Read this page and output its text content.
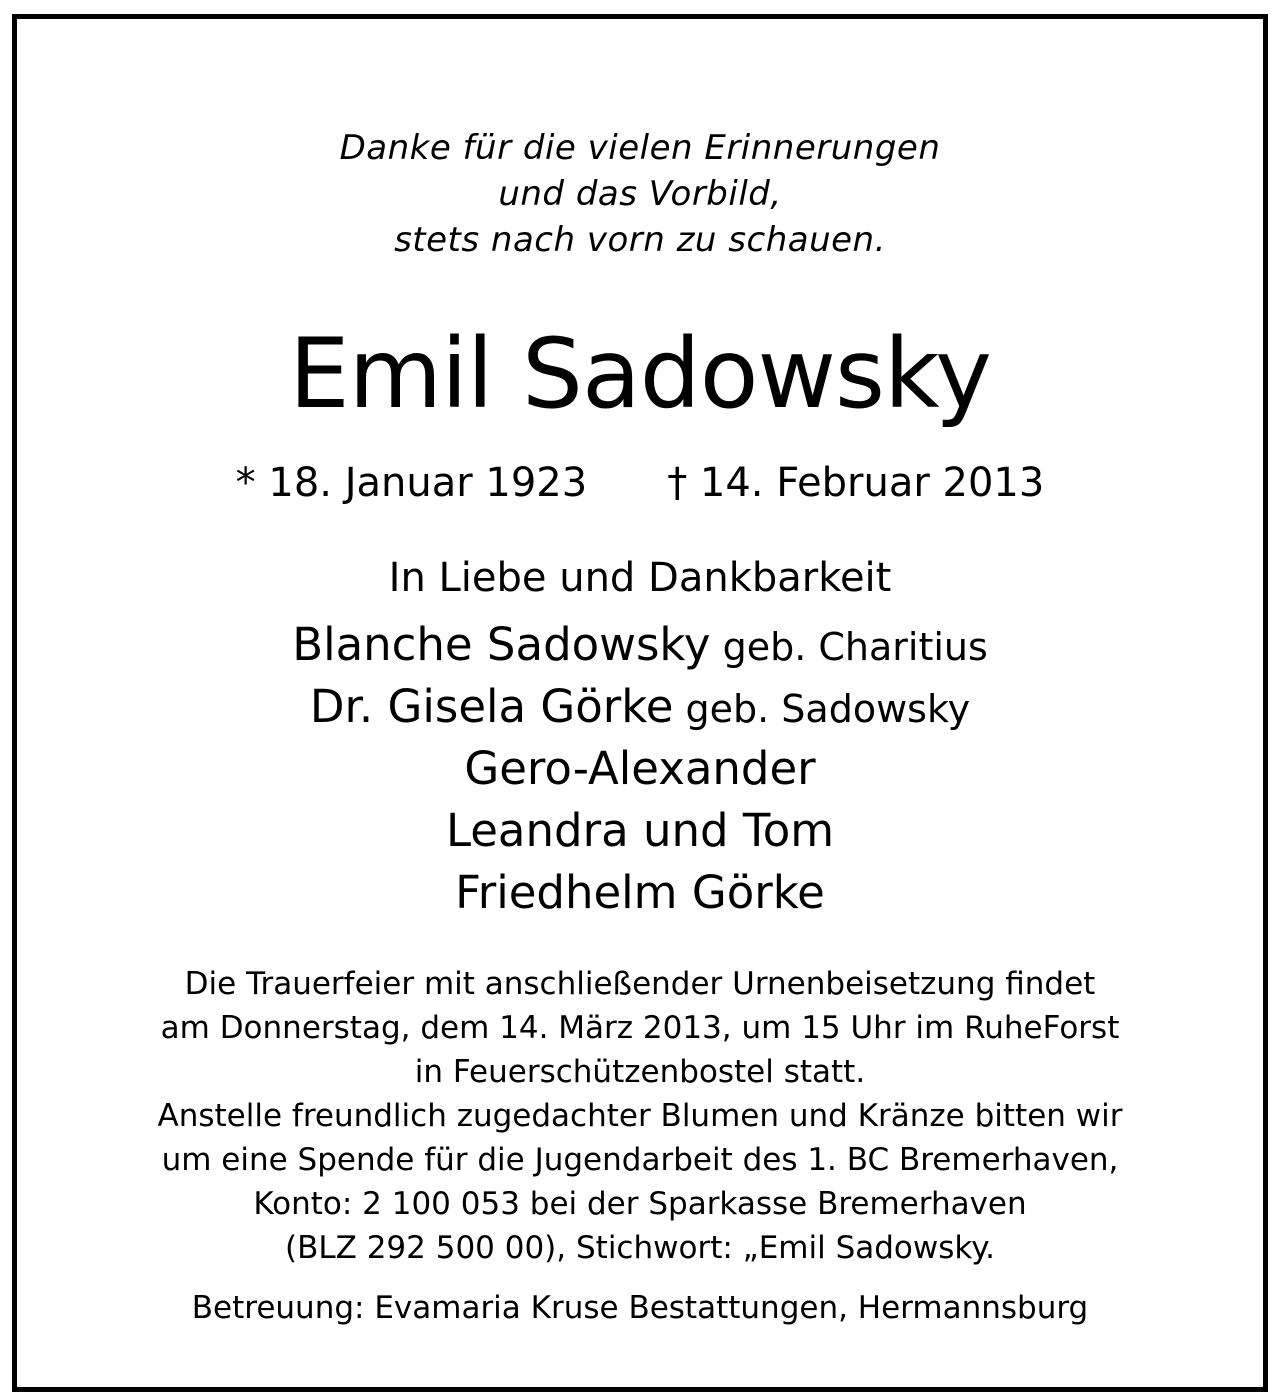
Danke für die vielen Erinnerungen
und das Vorbild,
stets nach vorn zu schauen.
Emil Sadowsky
* 18. Januar 1923 † 14. Februar 2013
In Liebe und Dankbarkeit
Blanche Sadowsky geb. Charitius
Dr. Gisela Görke geb. Sadowsky
Gero-Alexander
Leandra und Tom
Friedhelm Görke
Die Trauerfeier mit anschließender Urnenbeisetzung findet
am Donnerstag, dem 14. März 2013, um 15 Uhr im RuheForst
in Feuerschützenbostel statt.
Anstelle freundlich zugedachter Blumen und Kränze bitten wir
um eine Spende für die Jugendarbeit des 1. BC Bremerhaven,
Konto: 2 100 053 bei der Sparkasse Bremerhaven
(BLZ 292 500 00), Stichwort: „Emil Sadowsky.
Betreuung: Evamaria Kruse Bestattungen, Hermannsburg
